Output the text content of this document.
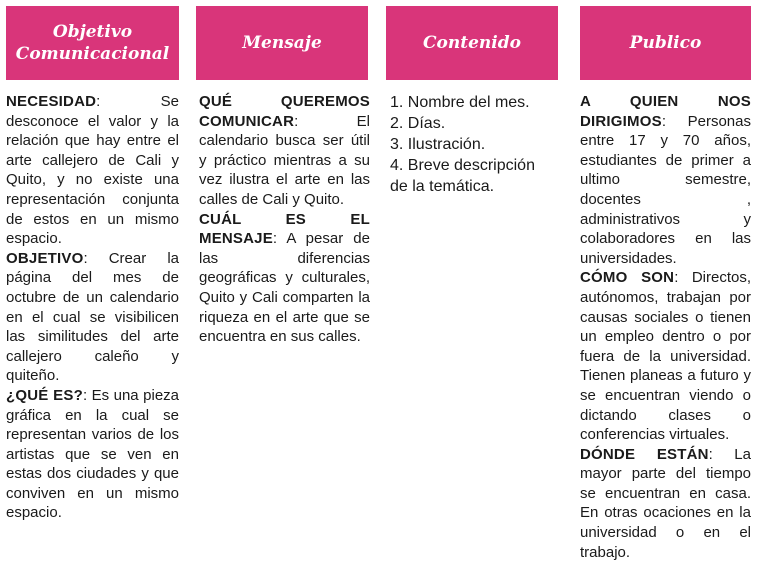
Objetivo Comunicacional
Mensaje	Contenido	Publico

NECESIDAD: Se desconoce el valor y la relación que hay entre el arte callejero de Cali y Quito, y no existe una representación conjunta de estos en un mismo espacio.

OBJETIVO: Crear la página del mes de octubre de un calendario en el cual se visibilicen las similitudes del arte callejero caleño y quiteño.

¿QUÉ ES?: Es una pieza gráfica en la cual se representan varios de los artistas que se ven en estas dos ciudades y que conviven en un mismo espacio.

QUÉ QUEREMOS COMUNICAR: El calendario busca ser útil y práctico mientras a su vez ilustra el arte en las calles de Cali y Quito.

CUÁL ES EL MENSAJE: A pesar de las diferencias geográficas y culturales, Quito y Cali comparten la riqueza en el arte que se encuentra en sus calles.

1. Nombre del mes.

2. Días.

3. Ilustración.

4. Breve descripción de la temática.

A QUIEN NOS DIRIGIMOS: Personas entre 17 y 70 años, estudiantes de primer a ultimo semestre, docentes , administrativos y colaboradores en las universidades.

CÓMO SON: Directos, autónomos, trabajan por causas sociales o tienen un empleo dentro o por fuera de la universidad. Tienen planeas a futuro y se encuentran viendo o dictando clases o conferencias virtuales.

DÓNDE ESTÁN: La mayor parte del tiempo se encuentran en casa. En otras ocaciones en la universidad o en el trabajo.
